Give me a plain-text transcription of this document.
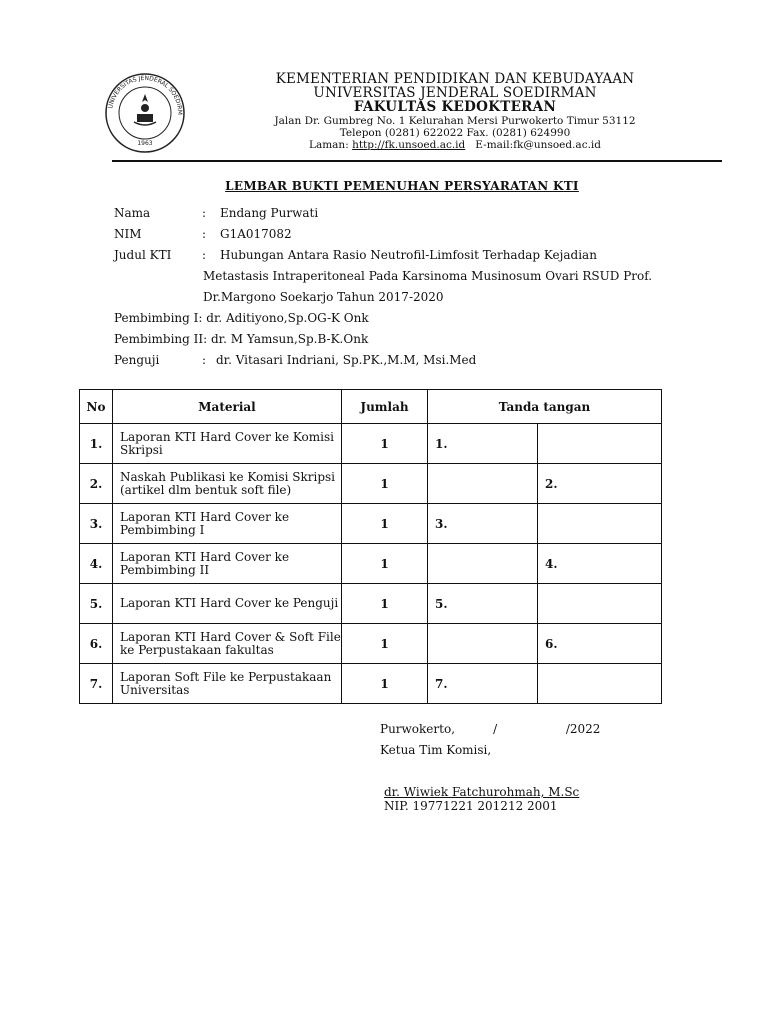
UNIVERSITAS JENDERAL SOEDIRM
1963
KEMENTERIAN PENDIDIKAN DAN KEBUDAYAAN
UNIVERSITAS JENDERAL SOEDIRMAN
FAKULTAS KEDOKTERAN
Jalan Dr. Gumbreg No. 1 Kelurahan Mersi Purwokerto Timur 53112
Telepon (0281) 622022 Fax. (0281) 624990
Laman: http://fk.unsoed.ac.id E-mail:fk@unsoed.ac.id
LEMBAR BUKTI PEMENUHAN PERSYARATAN KTI
Nama	: Endang Purwati
NIM	: G1A017082
Judul KTI	: Hubungan Antara Rasio Neutrofil-Limfosit Terhadap Kejadian
Metastasis Intraperitoneal Pada Karsinoma Musinosum Ovari RSUD Prof.
Dr.Margono Soekarjo Tahun 2017-2020
Pembimbing I: dr. Aditiyono,Sp.OG-K Onk
Pembimbing II: dr. M Yamsun,Sp.B-K.Onk
Penguji	: dr. Vitasari Indriani, Sp.PK.,M.M, Msi.Med
No	Material	Jumlah	Tanda tangan	
1.	Laporan KTI Hard Cover ke Komisi Skripsi	1	1.	
2.	Naskah Publikasi ke Komisi Skripsi (artikel dlm bentuk soft file)	1		2.
3.	Laporan KTI Hard Cover ke Pembimbing I	1	3.	
4.	Laporan KTI Hard Cover ke Pembimbing II	1		4.
5.	Laporan KTI Hard Cover ke Penguji	1	5.	
6.	Laporan KTI Hard Cover & Soft File ke Perpustakaan fakultas	1		6.
7.	Laporan Soft File ke Perpustakaan Universitas	1	7.	
Purwokerto,          /                  /2022
Ketua Tim Komisi,
dr. Wiwiek Fatchurohmah, M.Sc
NIP. 19771221 201212 2001
